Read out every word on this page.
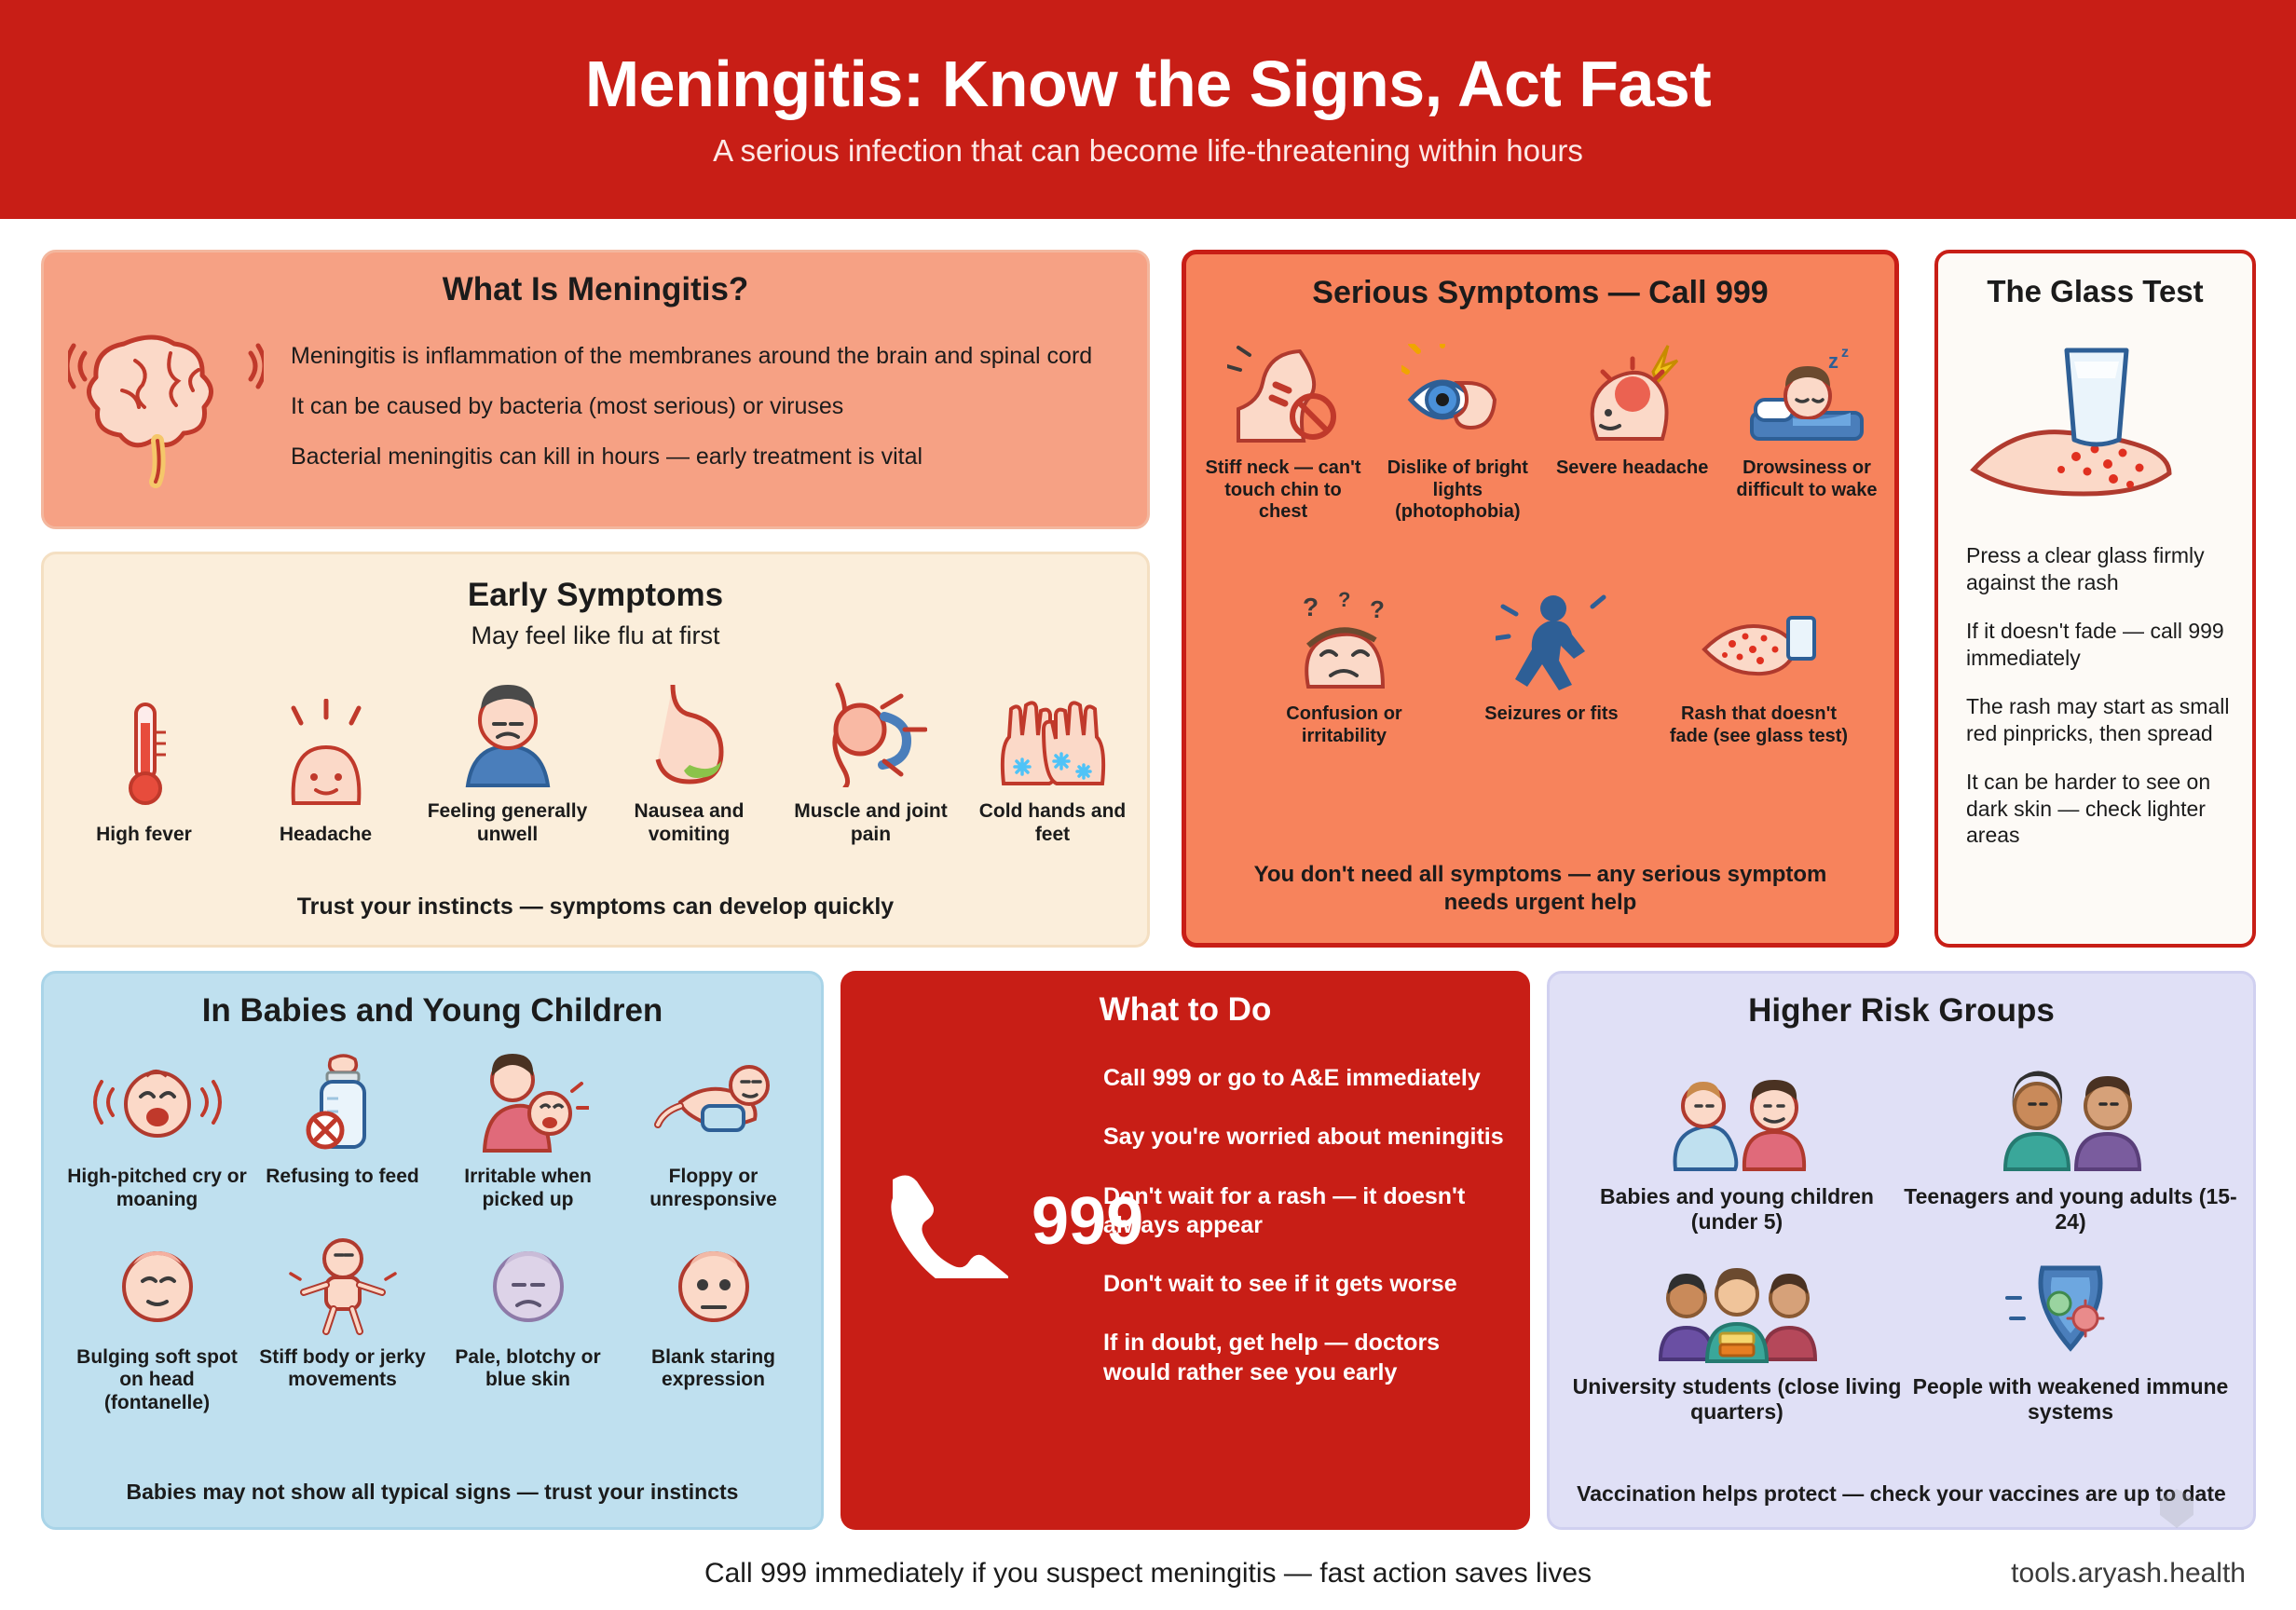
Meningitis: Know the Signs, Act Fast
A serious infection that can become life-threatening within hours
What Is Meningitis?

Meningitis is inflammation of the membranes around the brain and spinal cord

It can be caused by bacteria (most serious) or viruses

Bacterial meningitis can kill in hours — early treatment is vital

Early Symptoms
May feel like flu at first
High fever	Headache
Feeling generally unwell
Nausea and vomiting
Muscle and joint pain
Cold hands and feet
Trust your instincts — symptoms can develop quickly
Serious Symptoms — Call 999
Stiff neck — can't touch chin to chest
Dislike of bright lights (photophobia)
Severe headache
z z
Drowsiness or difficult to wake
? ? ?
Confusion or irritability
Seizures or fits	Rash that doesn't fade (see glass test)
You don't need all symptoms — any serious symptom needs urgent help
The Glass Test

Press a clear glass firmly against the rash

If it doesn't fade — call 999 immediately

The rash may start as small red pinpricks, then spread

It can be harder to see on dark skin — check lighter areas

In Babies and Young Children
High-pitched cry or moaning
Refusing to feed	Irritable when picked up
Floppy or unresponsive
Bulging soft spot on head (fontanelle)
Stiff body or jerky movements
Pale, blotchy or blue skin
Blank staring expression
Babies may not show all typical signs — trust your instincts
What to Do
999

Call 999 or go to A&E immediately

Say you're worried about meningitis

Don't wait for a rash — it doesn't always appear

Don't wait to see if it gets worse

If in doubt, get help — doctors would rather see you early

Higher Risk Groups
Babies and young children (under 5)
Teenagers and young adults (15-24)
University students (close living quarters)
People with weakened immune systems
Vaccination helps protect — check your vaccines are up to date
Call 999 immediately if you suspect meningitis — fast action saves lives	tools.aryash.health
